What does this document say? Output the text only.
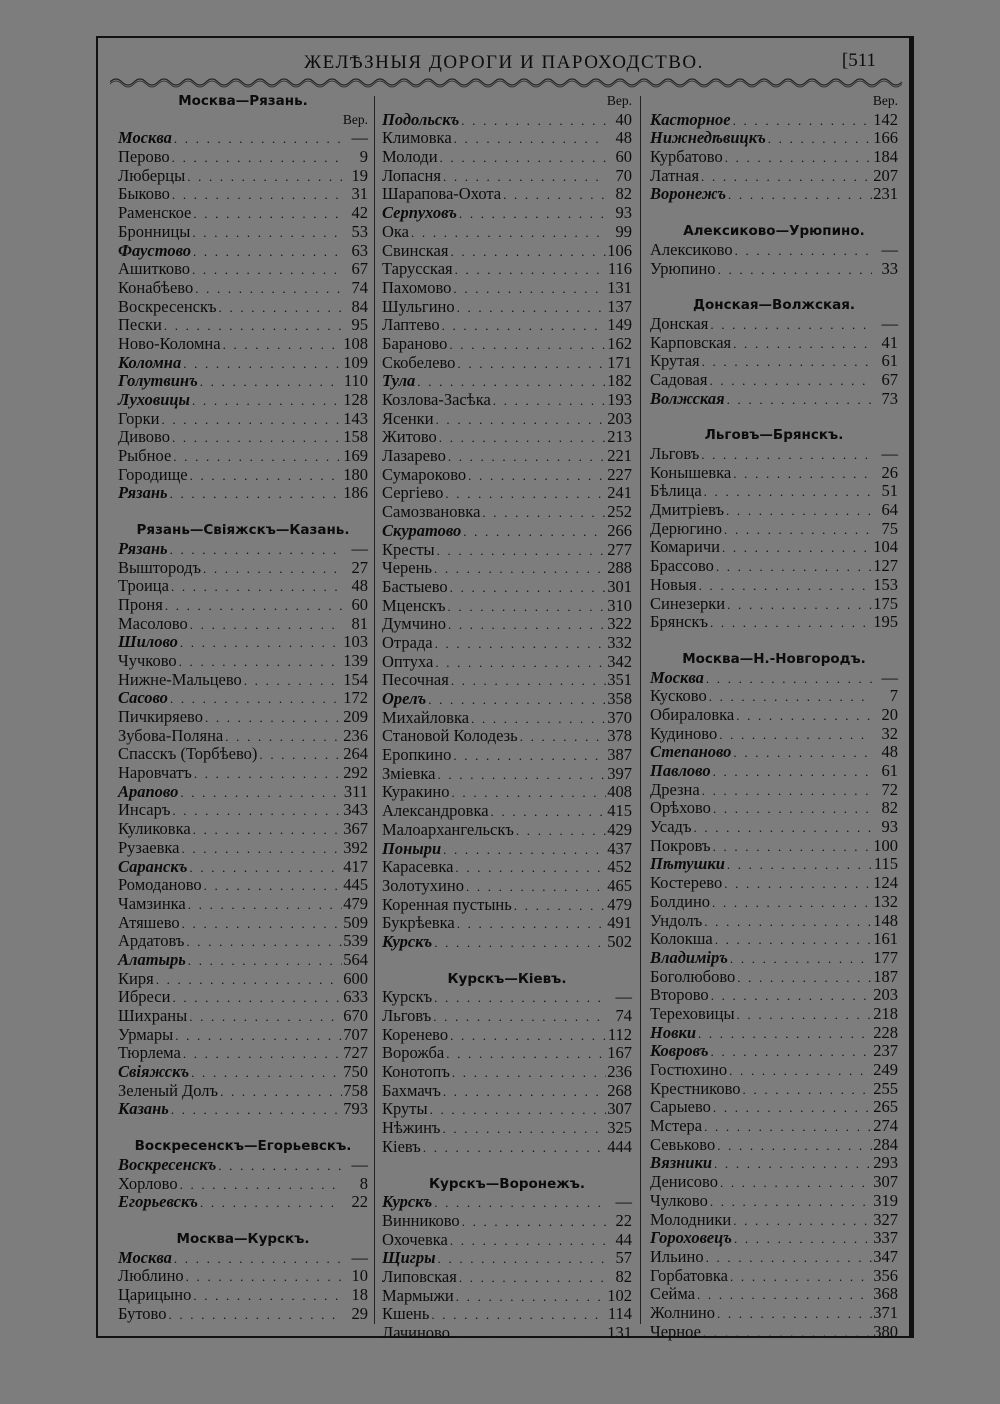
ЖЕЛѢЗНЫЯ ДОРОГИ И ПАРОХОДСТВО.	[511
Москва—Рязань.
Вер.
Москва . . .	—
Перово . . .	9
Люберцы . . .	19
Быково . . .	31
Раменское . . .	42
Бронницы . . .	53
Фаустово . . .	63
Ашитково . . .	67
Конабѣево . . .	74
Воскресенскъ . . .	84
Пески . . .	95
Ново-Коломна . . .	108
Коломна . . .	109
Голутвинъ . . .	110
Луховицы . . .	128
Горки . . .	143
Дивово . . .	158
Рыбное . . .	169
Городище . . .	180
Рязань . . .	186
Рязань—Свіяжскъ—Казань.
Рязань . . .	—
Выштородъ . . .	27
Троица . . .	48
Проня . . .	60
Масолово . . .	81
Шилово . . .	103
Чучково . . .	139
Нижне-Мальцево . . .	154
Сасово . . .	172
Пичкиряево . . .	209
Зубова-Поляна . . .	236
Спасскъ (Торбѣево) . . .	264
Наровчатъ . . .	292
Арапово . . .	311
Инсаръ . . .	343
Куликовка . . .	367
Рузаевка . . .	392
Саранскъ . . .	417
Ромоданово . . .	445
Чамзинка . . .	479
Атяшево . . .	509
Ардатовъ . . .	539
Алатырь . . .	564
Киря . . .	600
Ибреси . . .	633
Шихраны . . .	670
Урмары . . .	707
Тюрлема . . .	727
Свіяжскъ . . .	750
Зеленый Долъ . . .	758
Казань . . .	793
Воскресенскъ—Егорьевскъ.
Воскресенскъ . . .	—
Хорлово . . .	8
Егорьевскъ . . .	22
Москва—Курскъ.
Москва . . .	—
Люблино . . .	10
Царицыно . . .	18
Бутово . . .	29
Вер.
Подольскъ . . .	40
Климовка . . .	48
Молоди . . .	60
Лопасня . . .	70
Шарапова-Охота . . .	82
Серпуховъ . . .	93
Ока . . .	99
Свинская . . .	106
Тарусская . . .	116
Пахомово . . .	131
Шульгино . . .	137
Лаптево . . .	149
Бараново . . .	162
Скобелево . . .	171
Тула . . .	182
Козлова-Засѣка . . .	193
Ясенки . . .	203
Житово . . .	213
Лазарево . . .	221
Сумароково . . .	227
Сергіево . . .	241
Самозвановка . . .	252
Скуратово . . .	266
Кресты . . .	277
Черень . . .	288
Бастыево . . .	301
Мценскъ . . .	310
Думчино . . .	322
Отрада . . .	332
Оптуха . . .	342
Песочная . . .	351
Орелъ . . .	358
Михайловка . . .	370
Становой Колодезь . . .	378
Еропкино . . .	387
Змiевка . . .	397
Куракино . . .	408
Александровка . . .	415
Малоархангельскъ . . .	429
Поныри . . .	437
Карасевка . . .	452
Золотухино . . .	465
Коренная пустынь . . .	479
Букрѣевка . . .	491
Курскъ . . .	502
Курскъ—Кіевъ.
Курскъ . . .	—
Льговъ . . .	74
Коренево . . .	112
Ворожба . . .	167
Конотопъ . . .	236
Бахмачъ . . .	268
Круты . . .	307
Нѣжинъ . . .	325
Кіевъ . . .	444
Курскъ—Воронежъ.
Курскъ . . .	—
Винниково . . .	22
Охочевка . . .	44
Щигры . . .	57
Липовская . . .	82
Мармыжи . . .	102
Кшень . . .	114
Лачиново . . .	131
Вер.
Касторное . . .	142
Нижнедѣвицкъ . . .	166
Курбатово . . .	184
Латная . . .	207
Воронежъ . . .	231
Алексиково—Урюпино.
Алексиково . . .	—
Урюпино . . .	33
Донская—Волжская.
Донская . . .	—
Карповская . . .	41
Крутая . . .	61
Садовая . . .	67
Волжская . . .	73
Льговъ—Брянскъ.
Льговъ . . .	—
Конышевка . . .	26
Бѣлица . . .	51
Дмитріевъ . . .	64
Дерюгино . . .	75
Комаричи . . .	104
Брассово . . .	127
Новыя . . .	153
Синезерки . . .	175
Брянскъ . . .	195
Москва—Н.-Новгородъ.
Москва . . .	—
Кусково . . .	7
Обираловка . . .	20
Кудиново . . .	32
Степаново . . .	48
Павлово . . .	61
Дрезна . . .	72
Орѣхово . . .	82
Усадъ . . .	93
Покровъ . . .	100
Пѣтушки . . .	115
Костерево . . .	124
Болдино . . .	132
Ундолъ . . .	148
Колокша . . .	161
Владиміръ . . .	177
Боголюбово . . .	187
Второво . . .	203
Тереховицы . . .	218
Новки . . .	228
Ковровъ . . .	237
Гостюхино . . .	249
Крестниково . . .	255
Сарыево . . .	265
Мстера . . .	274
Севьково . . .	284
Вязники . . .	293
Денисово . . .	307
Чулково . . .	319
Молодники . . .	327
Гороховецъ . . .	337
Ильино . . .	347
Горбатовка . . .	356
Сейма . . .	368
Жолнино . . .	371
Черное . . .	380
